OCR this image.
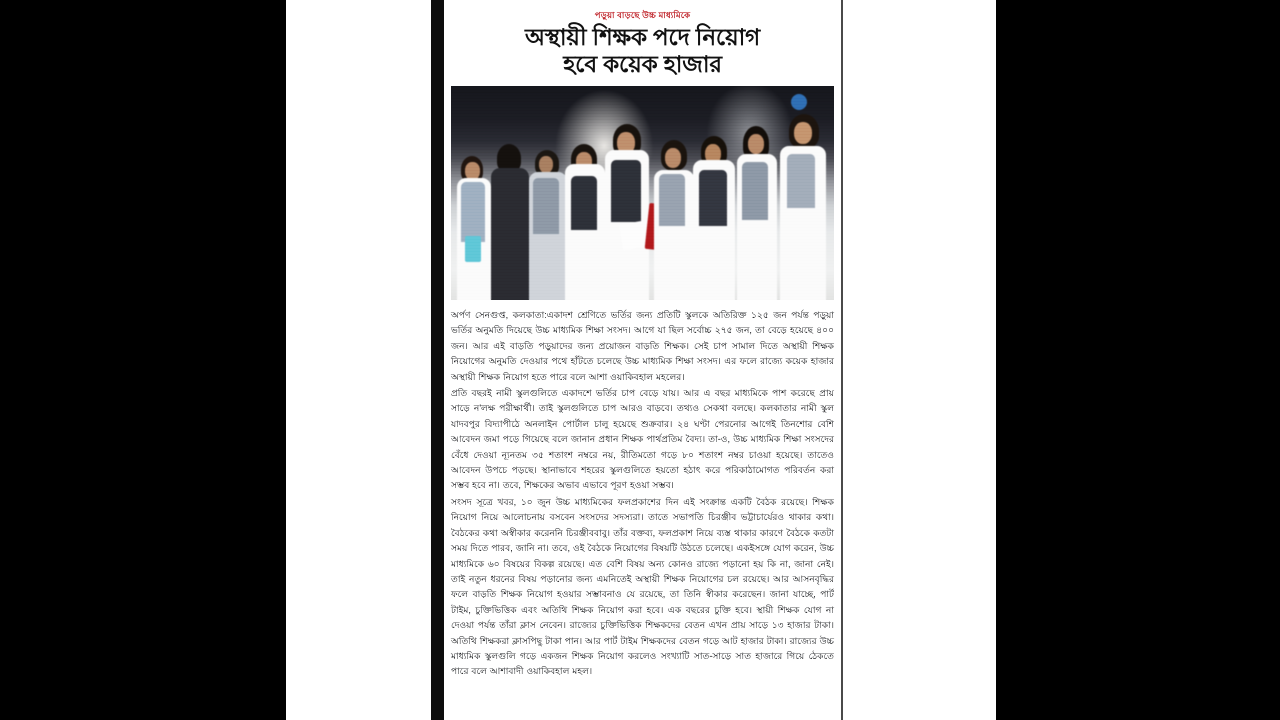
পড়ুয়া বাড়ছে উচ্চ মাধ্যমিকে
অস্থায়ী শিক্ষক পদে নিয়োগ
হবে কয়েক হাজার

অর্পণ সেনগুপ্ত, কলকাতা:একাদশ শ্রেণিতে ভর্তির জন্য প্রতিটি স্কুলকে অতিরিক্ত ১২৫ জন পর্যন্ত পড়ুয়া ভর্তির অনুমতি দিয়েছে উচ্চ মাধ্যমিক শিক্ষা সংসদ। আগে যা ছিল সর্বোচ্চ ২৭৫ জন, তা বেড়ে হয়েছে ৪০০ জন। আর এই বাড়তি পড়ুয়াদের জন্য প্রয়োজন বাড়তি শিক্ষক। সেই চাপ সামাল দিতে অস্থায়ী শিক্ষক নিয়োগের অনুমতি দেওয়ার পথে হাঁটতে চলেছে উচ্চ মাধ্যমিক শিক্ষা সংসদ। এর ফলে রাজ্যে কয়েক হাজার অস্থায়ী শিক্ষক নিয়োগ হতে পারে বলে আশা ওয়াকিবহাল মহলের।

প্রতি বছরই নামী স্কুলগুলিতে একাদশে ভর্তির চাপ বেড়ে যায়। আর এ বছর মাধ্যমিকে পাশ করেছে প্রায় সাড়ে ন'লক্ষ পরীক্ষার্থী। তাই স্কুলগুলিতে চাপ আরও বাড়বে। তথ্যও সেকথা বলছে। কলকাতার নামী স্কুল যাদবপুর বিদ্যাপীঠে অনলাইন পোর্টাল চালু হয়েছে শুক্রবার। ২৪ ঘণ্টা পেরনোর আগেই তিনশোর বেশি আবেদন জমা পড়ে গিয়েছে বলে জানান প্রধান শিক্ষক পার্থপ্রতিম বৈদ্য। তা-ও, উচ্চ মাধ্যমিক শিক্ষা সংসদের বেঁধে দেওয়া ন্যূনতম ৩৫ শতাংশ নম্বরে নয়, রীতিমতো গড়ে ৮০ শতাংশ নম্বর চাওয়া হয়েছে। তাতেও আবেদন উপচে পড়ছে। স্থানাভাবে শহরের স্কুলগুলিতে হয়তো হঠাৎ করে পরিকাঠামোগত পরিবর্তন করা সম্ভব হবে না। তবে, শিক্ষকের অভাব এভাবে পূরণ হওয়া সম্ভব।

সংসদ সূত্রে খবর, ১০ জুন উচ্চ মাধ্যমিকের ফলপ্রকাশের দিন এই সংক্রান্ত একটি বৈঠক রয়েছে। শিক্ষক নিয়োগ নিয়ে আলোচনায় বসবেন সংসদের সদস্যরা। তাতে সভাপতি চিরঞ্জীব ভট্টাচার্যেরও থাকার কথা। বৈঠকের কথা অস্বীকার করেননি চিরঞ্জীববাবু। তাঁর বক্তব্য, ফলপ্রকাশ নিয়ে ব্যস্ত থাকার কারণে বৈঠকে কতটা সময় দিতে পারব, জানি না। তবে, ওই বৈঠকে নিয়োগের বিষয়টি উঠতে চলেছে। একইসঙ্গে যোগ করেন, উচ্চ মাধ্যমিকে ৬০ বিষয়ের বিকল্প রয়েছে। এত বেশি বিষয় অন্য কোনও রাজ্যে পড়ানো হয় কি না, জানা নেই। তাই নতুন ধরনের বিষয় পড়ানোর জন্য এমনিতেই অস্থায়ী শিক্ষক নিয়োগের চল রয়েছে। আর আসনবৃদ্ধির ফলে বাড়তি শিক্ষক নিয়োগ হওয়ার সম্ভাবনাও যে রয়েছে, তা তিনি স্বীকার করেছেন। জানা যাচ্ছে, পার্ট টাইম, চুক্তিভিত্তিক এবং অতিথি শিক্ষক নিয়োগ করা হবে। এক বছরের চুক্তি হবে। স্থায়ী শিক্ষক যোগ না দেওয়া পর্যন্ত তাঁরা ক্লাস নেবেন। রাজ্যের চুক্তিভিত্তিক শিক্ষকদের বেতন এখন প্রায় সাড়ে ১৩ হাজার টাকা। অতিথি শিক্ষকরা ক্লাসপিছু টাকা পান। আর পার্ট টাইম শিক্ষকদের বেতন গড়ে আট হাজার টাকা। রাজ্যের উচ্চ মাধ্যমিক স্কুলগুলি গড়ে একজন শিক্ষক নিয়োগ করলেও সংখ্যাটি সাত-সাড়ে সাত হাজারে গিয়ে ঠেকতে পারে বলে আশাবাদী ওয়াকিবহাল মহল।
